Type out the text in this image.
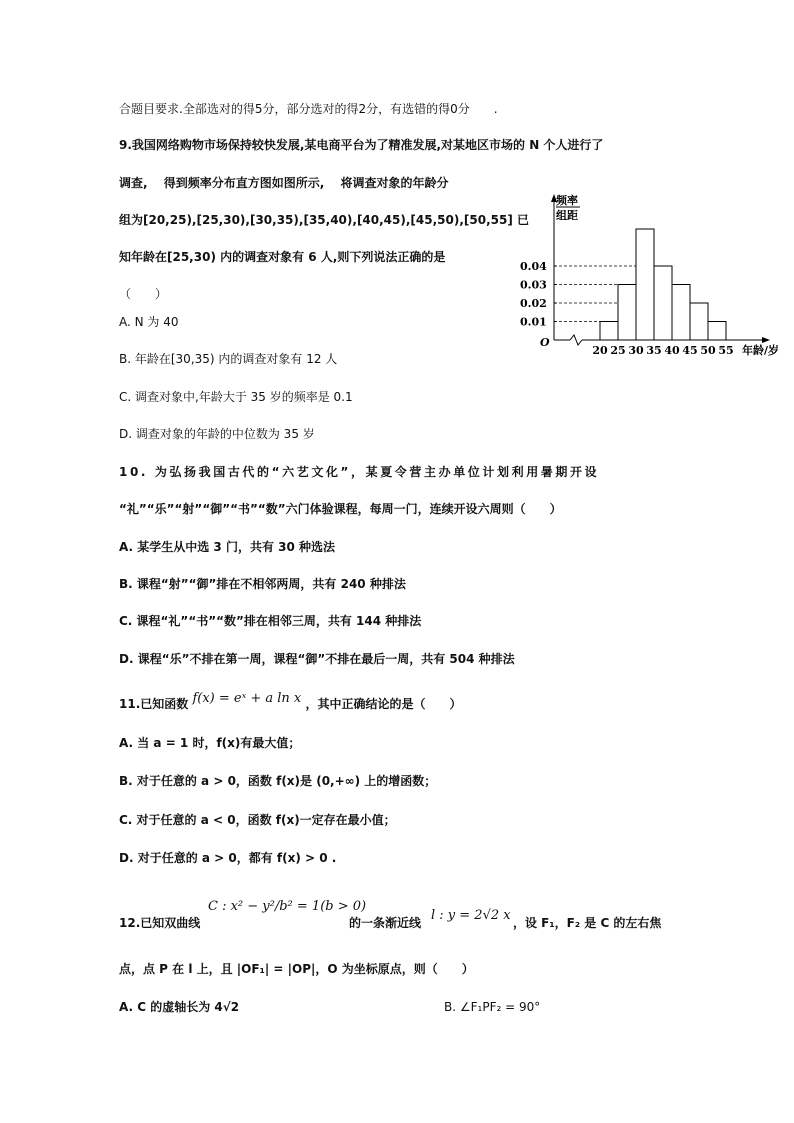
合题目要求.全部选对的得5分，部分选对的得2分，有选错的得0分　　.
9.我国网络购物市场保持较快发展,某电商平台为了精准发展,对某地区市场的 N 个人进行了
调查,　 得到频率分布直方图如图所示,　 将调查对象的年龄分
组为[20,25),[25,30),[30,35),[35,40),[40,45),[45,50),[50,55] 已
知年龄在[25,30) 内的调查对象有 6 人,则下列说法正确的是
（　　）
A. N 为 40
B. 年龄在[30,35) 内的调查对象有 12 人
C. 调查对象中,年龄大于 35 岁的频率是 0.1
D. 调查对象的年龄的中位数为 35 岁
0.01
0.02
0.03
0.04
20 25 30 35 40 45 50 55 年龄/岁
O
频率
组距
10. 为弘扬我国古代的“六艺文化”，某夏令营主办单位计划利用暑期开设
“礼”“乐”“射”“御”“书”“数”六门体验课程，每周一门，连续开设六周则（　　）
A. 某学生从中选 3 门，共有 30 种选法
B. 课程“射”“御”排在不相邻两周，共有 240 种排法
C. 课程“礼”“书”“数”排在相邻三周，共有 144 种排法
D. 课程“乐”不排在第一周，课程“御”不排在最后一周，共有 504 种排法
11.已知函数 f(x) = eˣ + a ln x ，其中正确结论的是（　　）
A. 当 a = 1 时，f(x)有最大值；
B. 对于任意的 a > 0，函数 f(x)是 (0,+∞) 上的增函数；
C. 对于任意的 a < 0，函数 f(x)一定存在最小值；
D. 对于任意的 a > 0，都有 f(x) > 0 .
12.已知双曲线
C : x² − y²/b² = 1(b > 0)
的一条渐近线 l : y = 2√2 x ，设 F₁，F₂ 是 C 的左右焦
点，点 P 在 l 上，且 |OF₁| = |OP|，O 为坐标原点，则（　　）
A. C 的虚轴长为 4√2	B. ∠F₁PF₂ = 90°
